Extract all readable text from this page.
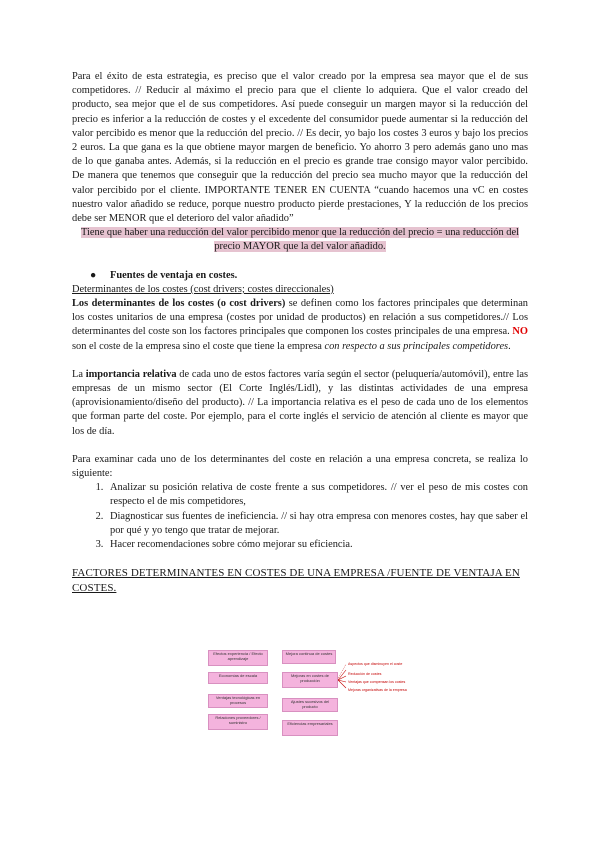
Para el éxito de esta estrategia, es preciso que el valor creado por la empresa sea mayor que el de sus competidores. // Reducir al máximo el precio para que el cliente lo adquiera. Que el valor creado del producto, sea mejor que el de sus competidores. Así puede conseguir un margen mayor si la reducción del precio es inferior a la reducción de costes y el excedente del consumidor puede aumentar si la reducción del valor percibido es menor que la reducción del precio. // Es decir, yo bajo los costes 3 euros y bajo los precios 2 euros. La que gana es la que obtiene mayor margen de beneficio. Yo ahorro 3 pero además gano uno mas de lo que ganaba antes. Además, si la reducción en el precio es grande trae consigo mayor valor percibido. De manera que tenemos que conseguir que la reducción del precio sea mucho mayor que la reducción del valor percibido por el cliente. IMPORTANTE TENER EN CUENTA “cuando hacemos una vC en costes nuestro valor añadido se reduce, porque nuestro producto pierde prestaciones, Y la reducción de los precios debe ser MENOR que el deterioro del valor añadido”

Tiene que haber una reducción del valor percibido menor que la reducción del precio = una reducción del precio MAYOR que la del valor añadido.

● Fuentes de ventaja en costes.

Determinantes de los costes (cost drivers; costes direccionales)

Los determinantes de los costes (o cost drivers) se definen como los factores principales que determinan los costes unitarios de una empresa (costes por unidad de productos) en relación a sus competidores.// Los determinantes del coste son los factores principales que componen los costes principales de una empresa. NO son el coste de la empresa sino el coste que tiene la empresa con respecto a sus principales competidores.

La importancia relativa de cada uno de estos factores varía según el sector (peluquería/automóvil), entre las empresas de un mismo sector (El Corte Inglés/Lidl), y las distintas actividades de una empresa (aprovisionamiento/diseño del producto). // La importancia relativa es el peso de cada uno de los elementos que forman parte del coste. Por ejemplo, para el corte inglés el servicio de atención al cliente es mayor que los de día.

Para examinar cada uno de los determinantes del coste en relación a una empresa concreta, se realiza lo siguiente:

1. Analizar su posición relativa de coste frente a sus competidores. // ver el peso de mis costes con respecto el de mis competidores,
2. Diagnosticar sus fuentes de ineficiencia. // si hay otra empresa con menores costes, hay que saber el por qué y yo tengo que tratar de mejorar.
3. Hacer recomendaciones sobre cómo mejorar su eficiencia.

FACTORES DETERMINANTES EN COSTES DE UNA EMPRESA /FUENTE DE VENTAJA EN COSTES.

Efectos experiencia / Efecto aprendizaje
Economías de escala
Ventajas tecnológicas en procesos
Relaciones proveedores / suministro
Mejora continua de costes
Mejoras en costes de producción
Ajustes sucesivos del producto
Eficiencias empresariales
Aspectos que disminuyen el coste
Reducción de costes
Ventajas que compensan los costes
Mejoras organizativas de la empresa
